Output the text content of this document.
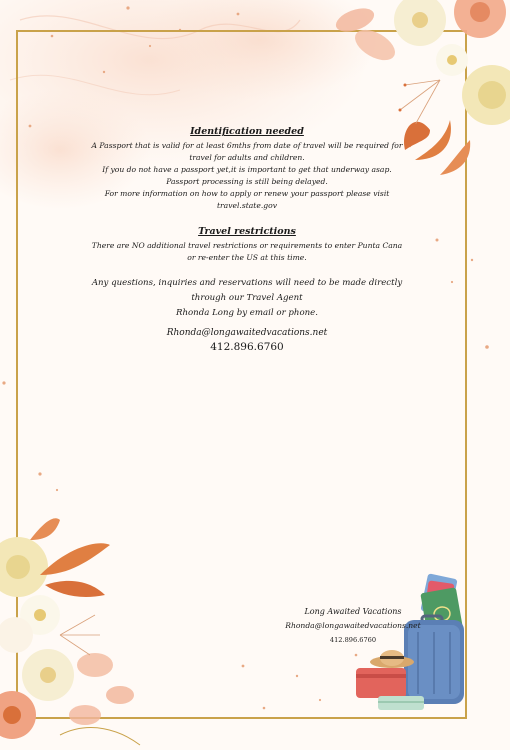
Identification needed

A Passport that is valid for at least 6mths from date of travel will be required for

travel for adults and children.

If you do not have a passport yet,it is important to get that underway asap.

Passport processing is still being delayed.

For more information on how to apply or renew your passport please visit

travel.state.gov

Travel restrictions

There are NO additional travel restrictions or requirements to enter Punta Cana

or re-enter the US at this time.

Any questions, inquiries and reservations will need to be made directly

through our Travel Agent

Rhonda Long by email or phone.

Rhonda@longawaitedvacations.net

412.896.6760

Long Awaited Vacations

Rhonda@longawaitedvacations.net

412.896.6760
